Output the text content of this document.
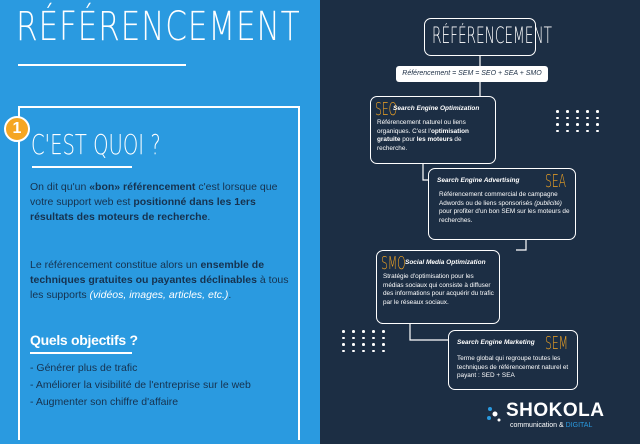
RÉFÉRENCEMENT
1 C'EST QUOI ?

On dit qu'un «bon» référencement c'est lorsque que votre support web est positionné dans les 1ers résultats des moteurs de recherche.

Le référencement constitue alors un ensemble de techniques gratuites ou payantes déclinables à tous les supports (vidéos, images, articles, etc.).

Quels objectifs ?
- Générer plus de trafic
- Améliorer la visibilité de l'entreprise sur le web
- Augmenter son chiffre d'affaire
RÉFÉRENCEMENT
Référencement = SEM = SEO + SEA + SMO
SEO
Search Engine Optimization
Référencement naturel ou liens organiques. C'est l'optimisation gratuite pour les moteurs de recherche.
Search Engine Advertising SEA
Référencement commercial de campagne Adwords ou de liens sponsorisés (publicité) pour profiter d'un bon SEM sur les moteurs de recherches.
SMO Social Media Optimization
Stratégie d'optimisation pour les médias sociaux qui consiste à diffuser des informations pour acquérir du trafic par le réseaux sociaux.
Search Engine Marketing SEM
Terme global qui regroupe toutes les techniques de référencement naturel et payant : SED + SEA
SHOKOLA
communication & DIGITAL
